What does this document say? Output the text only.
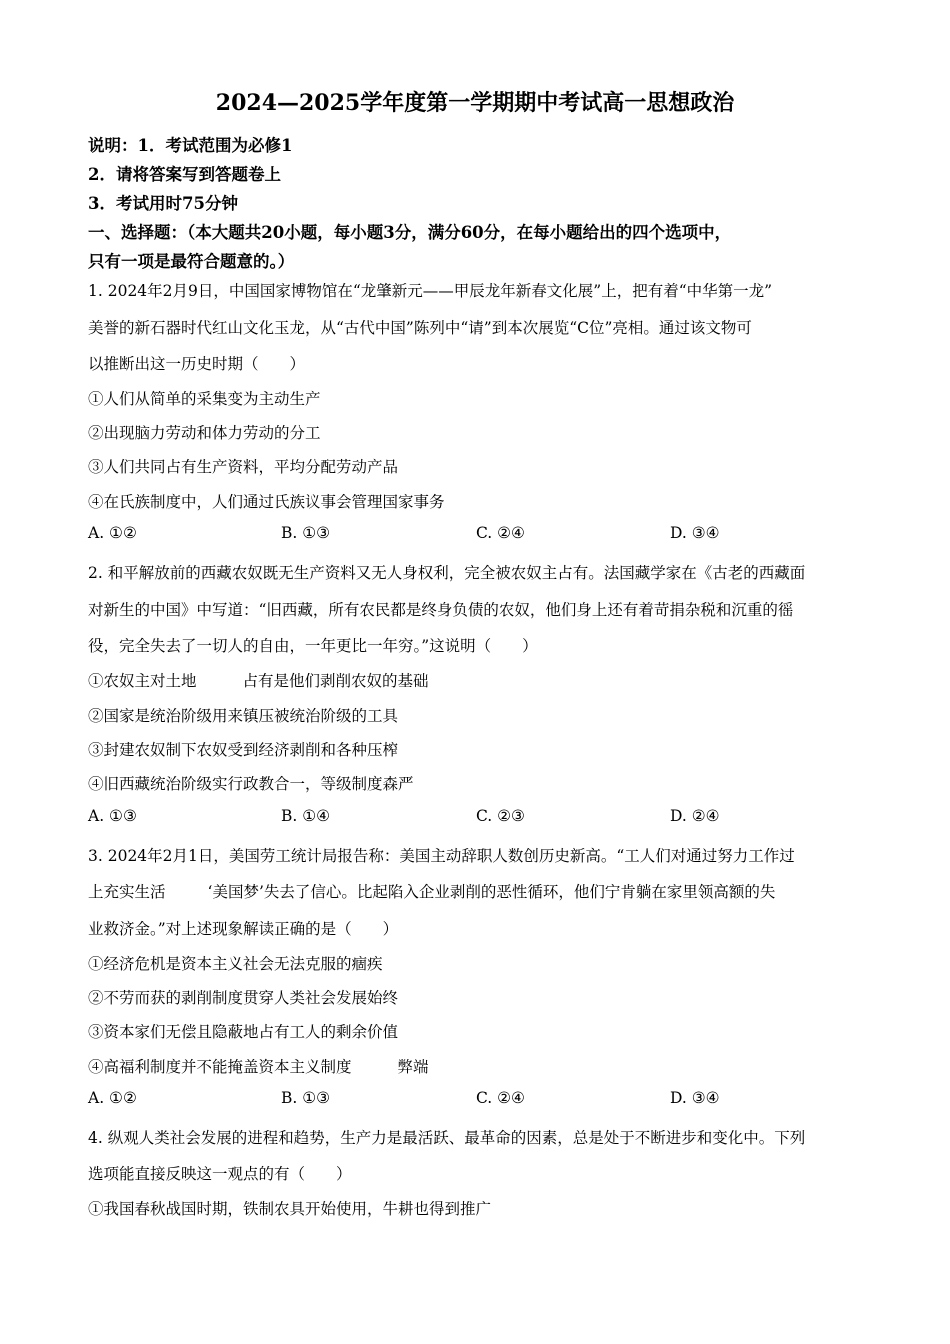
2024—2025学年度第一学期期中考试高一思想政治
说明：1．考试范围为必修1
2．请将答案写到答题卷上
3．考试用时75分钟
一、选择题：（本大题共20小题，每小题3分，满分60分，在每小题给出的四个选项中，
只有一项是最符合题意的。）
1. 2024年2月9日，中国国家博物馆在“龙肇新元——甲辰龙年新春文化展”上，把有着“中华第一龙”
美誉的新石器时代红山文化玉龙，从“古代中国”陈列中“请”到本次展览“C位”亮相。通过该文物可
以推断出这一历史时期（　　）
①人们从简单的采集变为主动生产
②出现脑力劳动和体力劳动的分工
③人们共同占有生产资料，平均分配劳动产品
④在氏族制度中，人们通过氏族议事会管理国家事务
A. ①②	B. ①③	C. ②④	D. ③④
2. 和平解放前的西藏农奴既无生产资料又无人身权利，完全被农奴主占有。法国藏学家在《古老的西藏面
对新生的中国》中写道：“旧西藏，所有农民都是终身负债的农奴，他们身上还有着苛捐杂税和沉重的徭
役，完全失去了一切人的自由，一年更比一年穷。”这说明（　　）
①农奴主对土地	占有是他们剥削农奴的基础
②国家是统治阶级用来镇压被统治阶级的工具
③封建农奴制下农奴受到经济剥削和各种压榨
④旧西藏统治阶级实行政教合一，等级制度森严
A. ①③	B. ①④	C. ②③	D. ②④
3. 2024年2月1日，美国劳工统计局报告称：美国主动辞职人数创历史新高。“工人们对通过努力工作过
上充实生活	‘美国梦’失去了信心。比起陷入企业剥削的恶性循环，他们宁肯躺在家里领高额的失
业救济金。”对上述现象解读正确的是（　　）
①经济危机是资本主义社会无法克服的痼疾
②不劳而获的剥削制度贯穿人类社会发展始终
③资本家们无偿且隐蔽地占有工人的剩余价值
④高福利制度并不能掩盖资本主义制度	弊端
A. ①②	B. ①③	C. ②④	D. ③④
4. 纵观人类社会发展的进程和趋势，生产力是最活跃、最革命的因素，总是处于不断进步和变化中。下列
选项能直接反映这一观点的有（　　）
①我国春秋战国时期，铁制农具开始使用，牛耕也得到推广
